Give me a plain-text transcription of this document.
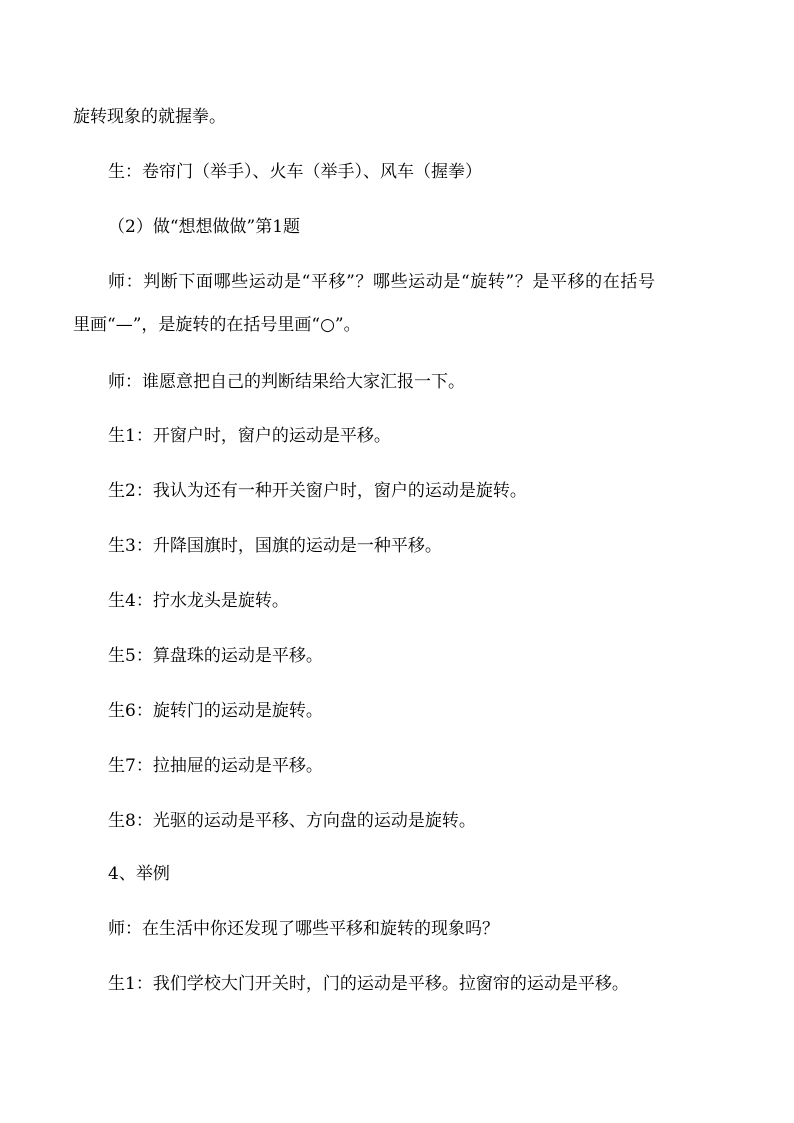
旋转现象的就握拳。
生：卷帘门（举手）、火车（举手）、风车（握拳）
（2）做“想想做做”第1题
师：判断下面哪些运动是“平移”？哪些运动是“旋转”？是平移的在括号
里画“—”，是旋转的在括号里画“○”。
师：谁愿意把自己的判断结果给大家汇报一下。
生1：开窗户时，窗户的运动是平移。
生2：我认为还有一种开关窗户时，窗户的运动是旋转。
生3：升降国旗时，国旗的运动是一种平移。
生4：拧水龙头是旋转。
生5：算盘珠的运动是平移。
生6：旋转门的运动是旋转。
生7：拉抽屉的运动是平移。
生8：光驱的运动是平移、方向盘的运动是旋转。
4、举例
师：在生活中你还发现了哪些平移和旋转的现象吗？
生1：我们学校大门开关时，门的运动是平移。拉窗帘的运动是平移。
